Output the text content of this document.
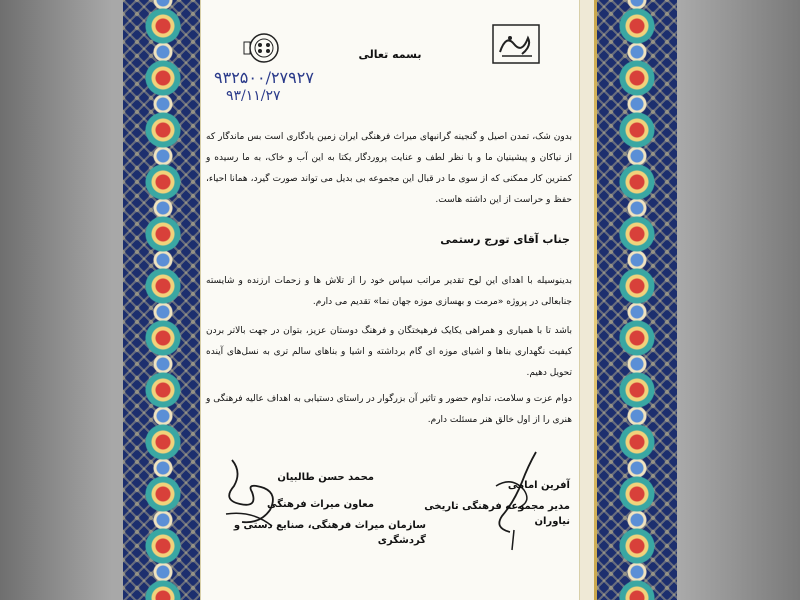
بسمه تعالی
۹۳۲۵۰۰/۲۷۹۲۷
۹۳/۱۱/۲۷
بدون شک، تمدن اصیل و گنجینه گرانبهای میراث فرهنگی ایران زمین یادگاری است بس ماندگار که از نیاکان و پیشینیان ما و با نظر لطف و عنایت پروردگار یکتا به این آب و خاک، به ما رسیده و کمترین کار ممکنی که از سوی ما در قبال این مجموعه بی بدیل می تواند صورت گیرد، همانا احیاء، حفظ و حراست از این داشته هاست.
جناب آقای تورج رستمی
بدینوسیله با اهدای این لوح تقدیر مراتب سپاس خود را از تلاش ها و زحمات ارزنده و شایسته جنابعالی در پروژه «مرمت و بهسازی موزه جهان نما» تقدیم می دارم.
باشد تا با همیاری و همراهی یکایک فرهیختگان و فرهنگ دوستان عزیز، بتوان در جهت بالاتر بردن کیفیت نگهداری بناها و اشیای موزه ای گام برداشته و اشیا و بناهای سالم تری به نسل‌های آینده تحویل دهیم.
دوام عزت و سلامت، تداوم حضور و تاثیر آن بزرگوار در راستای دستیابی به اهداف عالیه فرهنگی و هنری را از اول خالق هنر مسئلت دارم.
آفرین امامی
مدیر مجموعه فرهنگی تاریخی نیاوران
محمد حسن طالبیان
معاون میراث فرهنگی
سازمان میراث فرهنگی، صنایع دستی و گردشگری
